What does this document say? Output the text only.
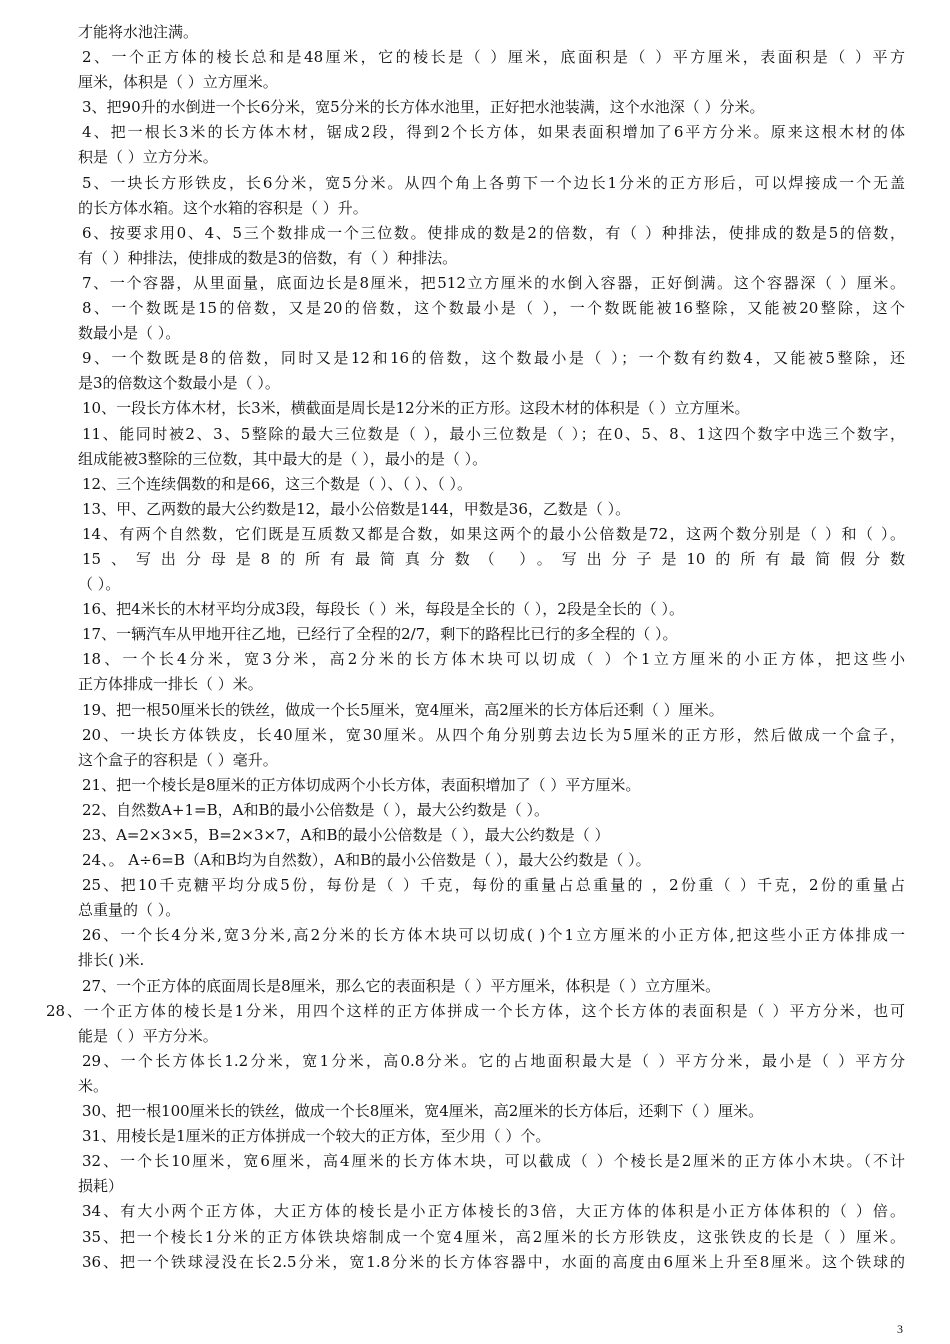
才能将水池注满。
2、一个正方体的棱长总和是48厘米，它的棱长是（ ）厘米，底面积是（ ）平方厘米，表面积是（ ）平方
厘米，体积是（ ）立方厘米。
3、把90升的水倒进一个长6分米，宽5分米的长方体水池里，正好把水池装满，这个水池深（ ）分米。
4、把一根长3米的长方体木材，锯成2段，得到2个长方体，如果表面积增加了6平方分米。原来这根木材的体
积是（ ）立方分米。
5、一块长方形铁皮，长6分米，宽5分米。从四个角上各剪下一个边长1分米的正方形后，可以焊接成一个无盖
的长方体水箱。这个水箱的容积是（ ）升。
6、按要求用0、4、5三个数排成一个三位数。使排成的数是2的倍数，有（ ）种排法，使排成的数是5的倍数，
有（ ）种排法，使排成的数是3的倍数，有（ ）种排法。
7、一个容器，从里面量，底面边长是8厘米，把512立方厘米的水倒入容器，正好倒满。这个容器深（ ）厘米。
8、一个数既是15的倍数，又是20的倍数，这个数最小是（ ），一个数既能被16整除，又能被20整除，这个
数最小是（ ）。
9、一个数既是8的倍数，同时又是12和16的倍数，这个数最小是（ ）；一个数有约数4，又能被5整除，还
是3的倍数这个数最小是（ ）。
10、一段长方体木材，长3米，横截面是周长是12分米的正方形。这段木材的体积是（ ）立方厘米。
11、能同时被2、3、5整除的最大三位数是（ ），最小三位数是（ ）；在0、5、8、1这四个数字中选三个数字，
组成能被3整除的三位数，其中最大的是（ ），最小的是（ ）。
12、三个连续偶数的和是66，这三个数是（ ）、（ ）、（ ）。
13、甲、乙两数的最大公约数是12，最小公倍数是144，甲数是36，乙数是（ ）。
14、有两个自然数，它们既是互质数又都是合数，如果这两个的最小公倍数是72，这两个数分别是（ ）和（ ）。
15、写出分母是8的所有最简真分数（ ）。写出分子是10的所有最简假分数
（ ）。
16、把4米长的木材平均分成3段，每段长（ ）米，每段是全长的（ ），2段是全长的（ ）。
17、一辆汽车从甲地开往乙地，已经行了全程的2/7，剩下的路程比已行的多全程的（ ）。
18、一个长4分米，宽3分米，高2分米的长方体木块可以切成（ ）个1立方厘米的小正方体，把这些小
正方体排成一排长（ ）米。
19、把一根50厘米长的铁丝，做成一个长5厘米，宽4厘米，高2厘米的长方体后还剩（ ）厘米。
20、一块长方体铁皮，长40厘米，宽30厘米。从四个角分别剪去边长为5厘米的正方形，然后做成一个盒子，
这个盒子的容积是（ ）毫升。
21、把一个棱长是8厘米的正方体切成两个小长方体，表面积增加了（ ）平方厘米。
22、自然数A+1=B，A和B的最小公倍数是（ ），最大公约数是（ ）。
23、A=2×3×5，B=2×3×7，A和B的最小公倍数是（ ），最大公约数是（ ）
24、。 A÷6=B（A和B均为自然数），A和B的最小公倍数是（ ），最大公约数是（ ）。
25、把10千克糖平均分成5份，每份是（ ）千克，每份的重量占总重量的 ，2份重（ ）千克，2份的重量占
总重量的（ ）。
26、一个长4分米,宽3分米,高2分米的长方体木块可以切成( )个1立方厘米的小正方体,把这些小正方体排成一
排长( )米.
27、一个正方体的底面周长是8厘米，那么它的表面积是（ ）平方厘米，体积是（ ）立方厘米。
28、一个正方体的棱长是1分米，用四个这样的正方体拼成一个长方体，这个长方体的表面积是（ ）平方分米，也可
能是（ ）平方分米。
29、一个长方体长1.2分米，宽1分米，高0.8分米。它的占地面积最大是（ ）平方分米，最小是（ ）平方分
米。
30、把一根100厘米长的铁丝，做成一个长8厘米，宽4厘米，高2厘米的长方体后，还剩下（ ）厘米。
31、用棱长是1厘米的正方体拼成一个较大的正方体，至少用（ ）个。
32、一个长10厘米，宽6厘米，高4厘米的长方体木块，可以截成（ ）个棱长是2厘米的正方体小木块。（不计
损耗）
34、有大小两个正方体，大正方体的棱长是小正方体棱长的3倍，大正方体的体积是小正方体体积的（ ）倍。
35、把一个棱长1分米的正方体铁块熔制成一个宽4厘米，高2厘米的长方形铁皮，这张铁皮的长是（ ）厘米。
36、把一个铁球浸没在长2.5分米，宽1.8分米的长方体容器中，水面的高度由6厘米上升至8厘米。这个铁球的
3
